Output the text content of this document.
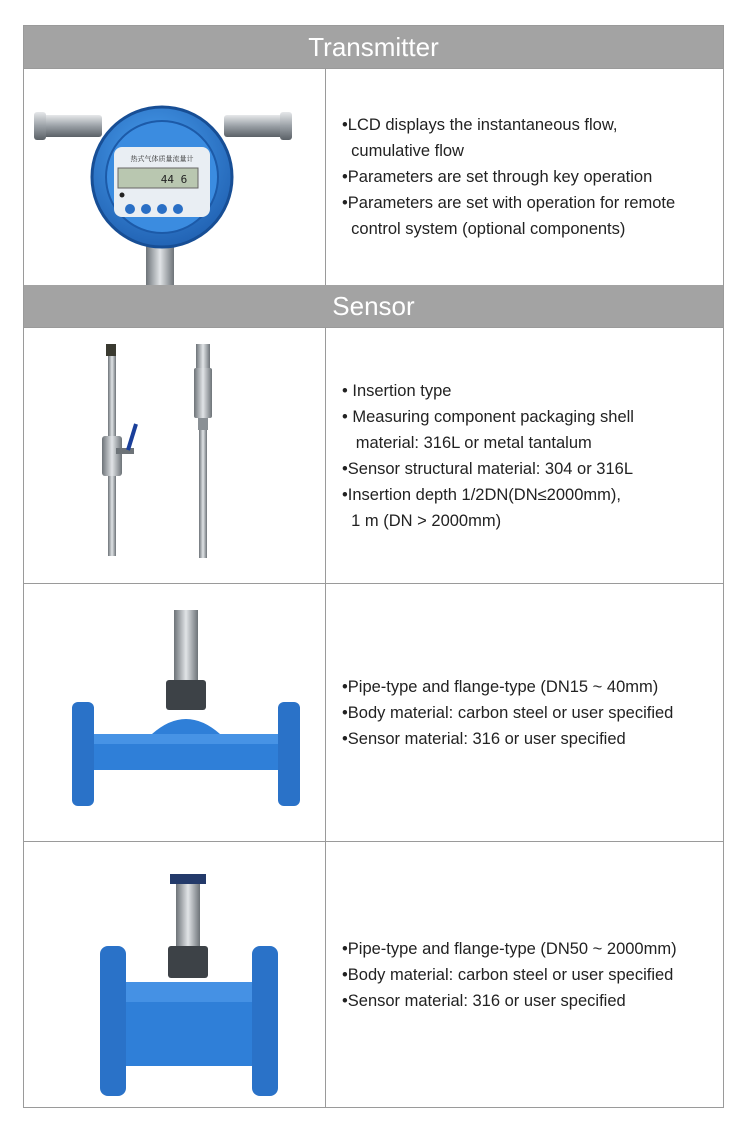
Transmitter
热式气体质量流量计
44 6
•LCD displays the instantaneous flow,
cumulative flow
•Parameters are set through key operation
•Parameters are set with operation for remote
control system (optional components)
Sensor
• Insertion type
• Measuring component packaging shell
material: 316L or metal tantalum
•Sensor structural material: 304 or 316L
•Insertion depth 1/2DN(DN≤2000mm),
1 m (DN > 2000mm)
•Pipe-type and flange-type (DN15 ~ 40mm)
•Body material: carbon steel or user specified
•Sensor material: 316 or user specified
•Pipe-type and flange-type (DN50 ~ 2000mm)
•Body material: carbon steel or user specified
•Sensor material: 316 or user specified
